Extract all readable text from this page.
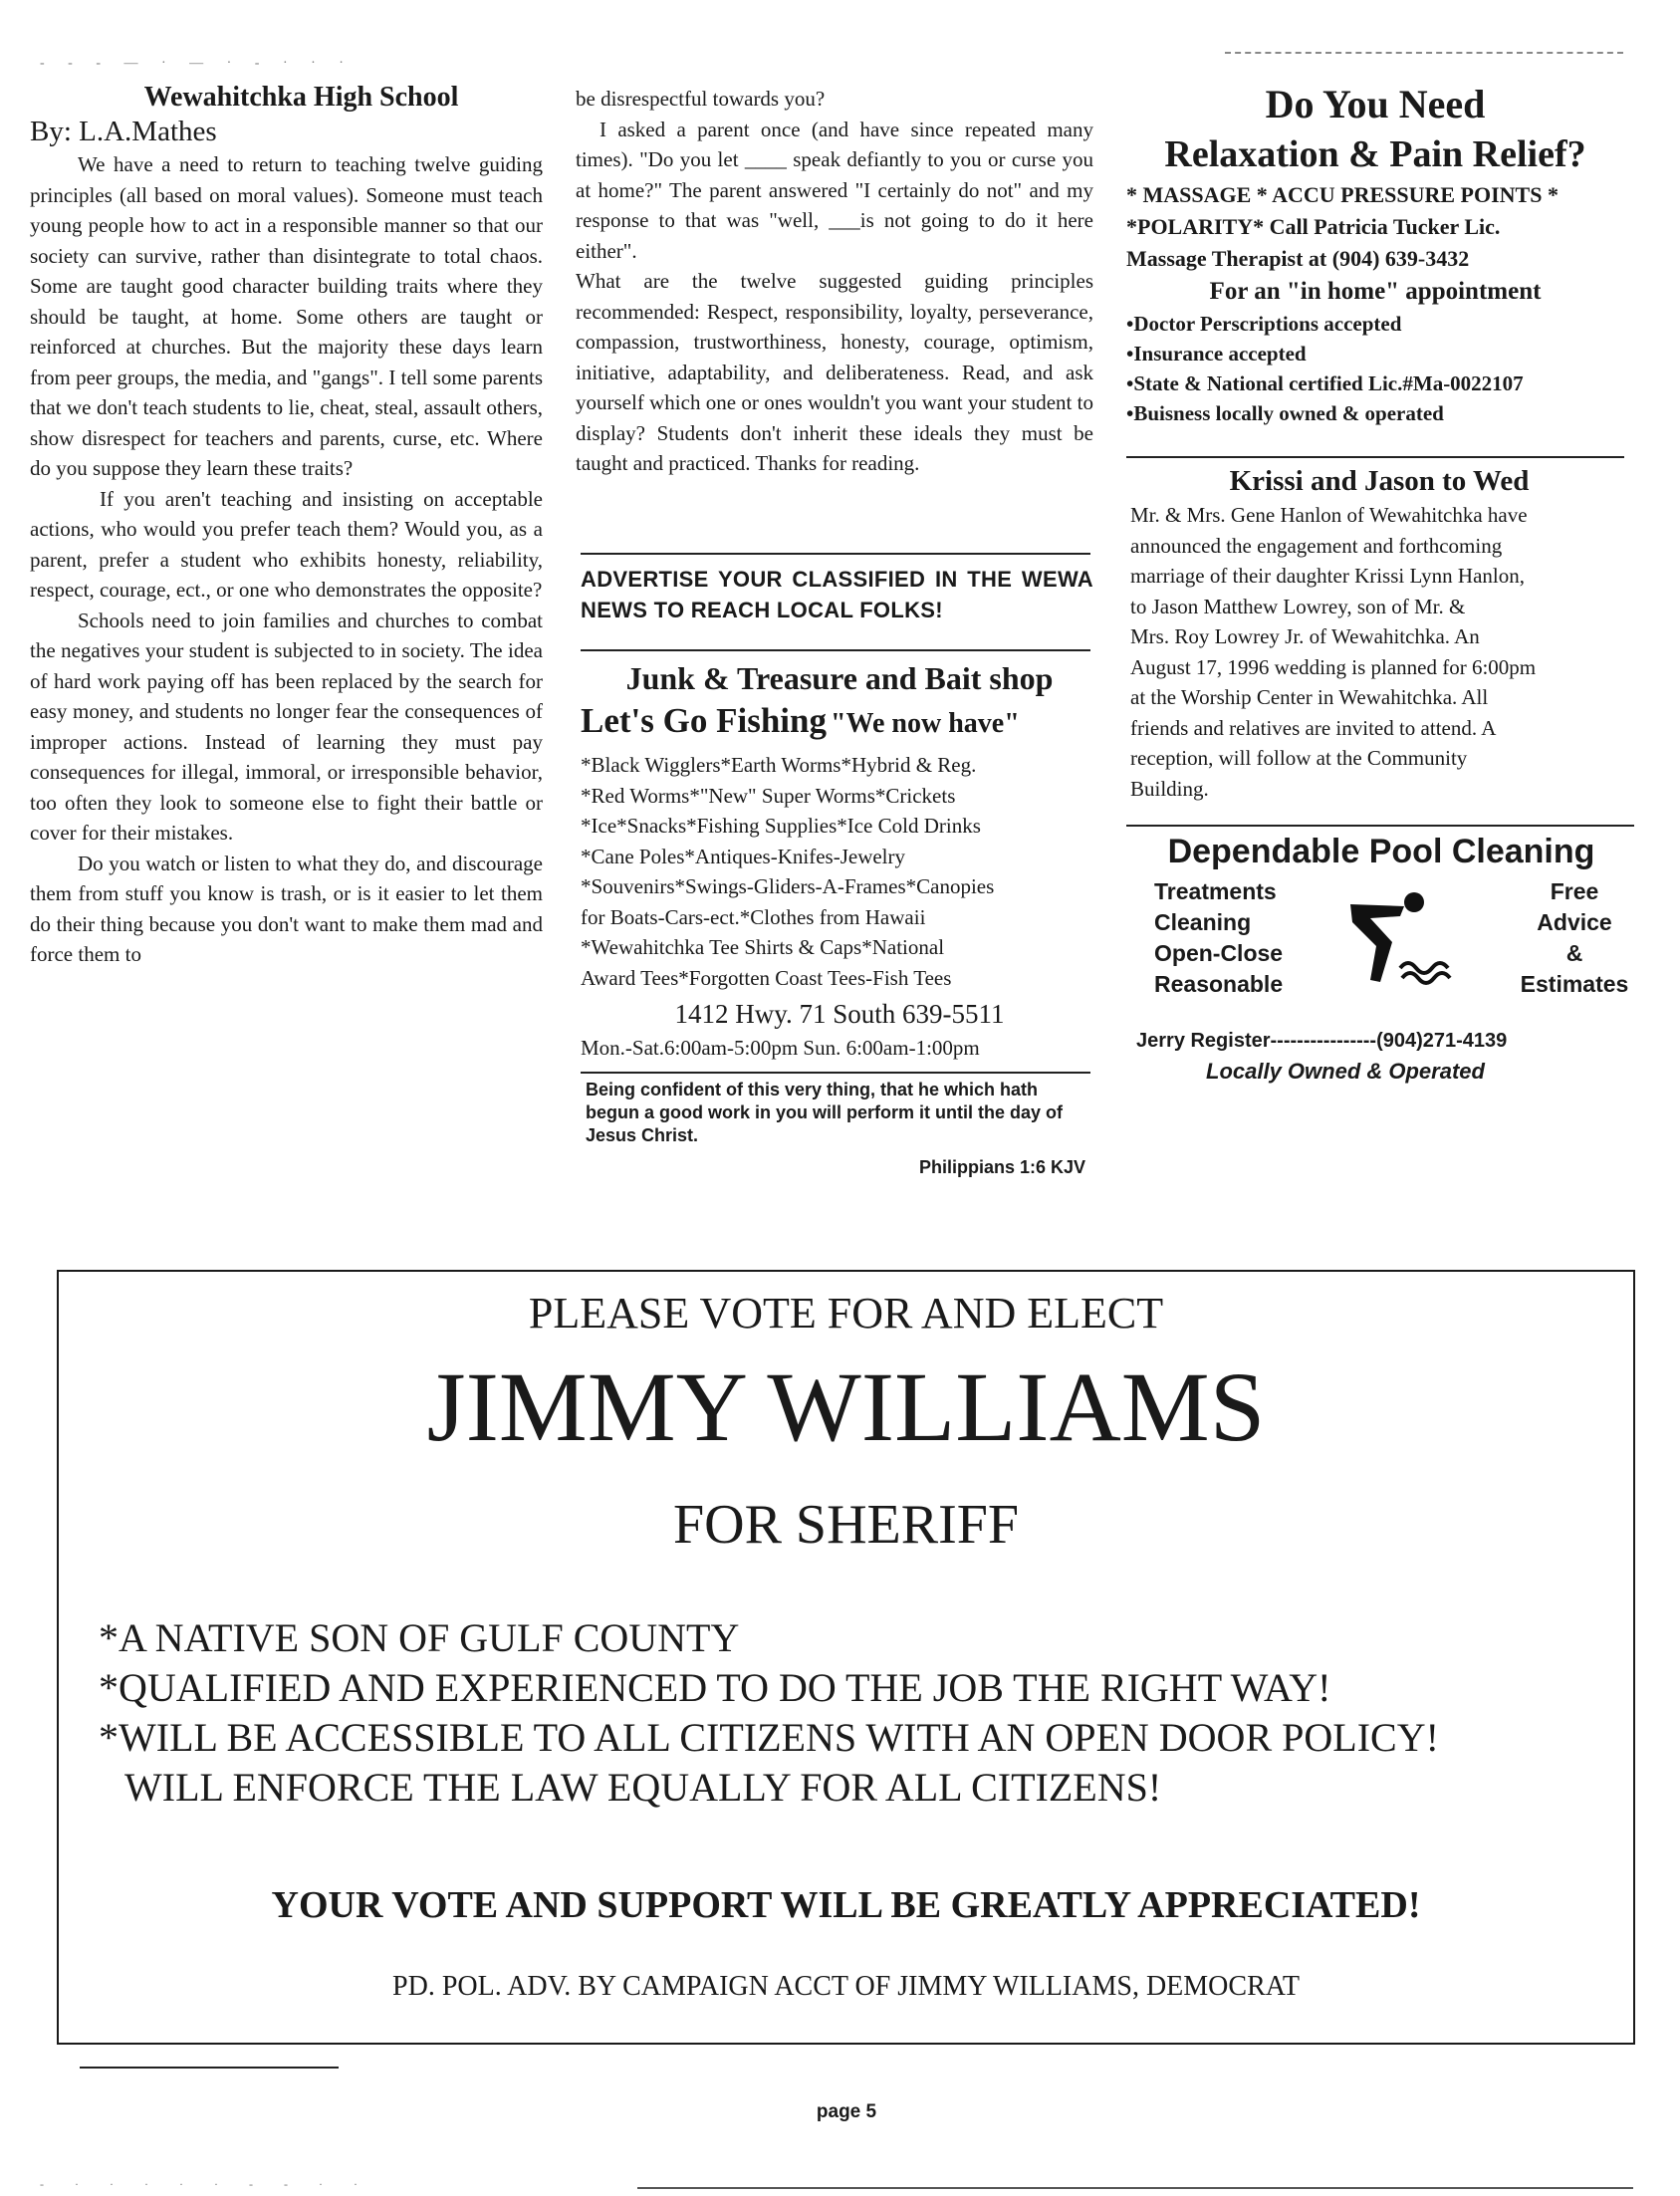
- - - — · — · - · · ·
Wewahitchka High School
By: L.A.Mathes

We have a need to return to teaching twelve guiding principles (all based on moral values). Someone must teach young people how to act in a responsible manner so that our society can survive, rather than disintegrate to total chaos. Some are taught good character building traits where they should be taught, at home. Some others are taught or reinforced at churches. But the majority these days learn from peer groups, the media, and "gangs". I tell some parents that we don't teach students to lie, cheat, steal, assault others, show disrespect for teachers and parents, curse, etc. Where do you suppose they learn these traits?

If you aren't teaching and insisting on acceptable actions, who would you prefer teach them? Would you, as a parent, prefer a student who exhibits honesty, reliability, respect, courage, ect., or one who demonstrates the opposite?

Schools need to join families and churches to combat the negatives your student is subjected to in society. The idea of hard work paying off has been replaced by the search for easy money, and students no longer fear the consequences of improper actions. Instead of learning they must pay consequences for illegal, immoral, or irresponsible behavior, too often they look to someone else to fight their battle or cover for their mistakes.

Do you watch or listen to what they do, and discourage them from stuff you know is trash, or is it easier to let them do their thing because you don't want to make them mad and force them to

be disrespectful towards you?

I asked a parent once (and have since repeated many times). "Do you let ____ speak defiantly to you or curse you at home?" The parent answered "I certainly do not" and my response to that was "well, ___is not going to do it here either".

What are the twelve suggested guiding principles recommended: Respect, responsibility, loyalty, perseverance, compassion, trustworthiness, honesty, courage, optimism, initiative, adaptability, and deliberateness. Read, and ask yourself which one or ones wouldn't you want your student to display? Students don't inherit these ideals they must be taught and practiced. Thanks for reading.

ADVERTISE YOUR CLASSIFIED IN THE WEWA NEWS TO REACH LOCAL FOLKS!
Junk & Treasure and Bait shop
Let's Go Fishing "We now have"
*Black Wigglers*Earth Worms*Hybrid & Reg.
*Red Worms*"New" Super Worms*Crickets
*Ice*Snacks*Fishing Supplies*Ice Cold Drinks
*Cane Poles*Antiques-Knifes-Jewelry
*Souvenirs*Swings-Gliders-A-Frames*Canopies
for Boats-Cars-ect.*Clothes from Hawaii
*Wewahitchka Tee Shirts & Caps*National
Award Tees*Forgotten Coast Tees-Fish Tees
1412 Hwy. 71 South 639-5511
Mon.-Sat.6:00am-5:00pm Sun. 6:00am-1:00pm
Being confident of this very thing, that he which hath begun a good work in you will perform it until the day of Jesus Christ.
Philippians 1:6 KJV
Do You Need
Relaxation & Pain Relief?
* MASSAGE * ACCU PRESSURE POINTS *
*POLARITY* Call Patricia Tucker Lic.
Massage Therapist at (904) 639-3432
For an "in home" appointment
•Doctor Perscriptions accepted
•Insurance accepted
•State & National certified Lic.#Ma-0022107
•Buisness locally owned & operated
Krissi and Jason to Wed
Mr. & Mrs. Gene Hanlon of Wewahitchka have
announced the engagement and forthcoming
marriage of their daughter Krissi Lynn Hanlon,
to Jason Matthew Lowrey, son of Mr. &
Mrs. Roy Lowrey Jr. of Wewahitchka. An
August 17, 1996 wedding is planned for 6:00pm
at the Worship Center in Wewahitchka. All
friends and relatives are invited to attend. A
reception, will follow at the Community
Building.
Dependable Pool Cleaning
Treatments
Cleaning
Open-Close
Reasonable
Free
Advice
&
Estimates
Jerry Register----------------(904)271-4139
Locally Owned & Operated
PLEASE VOTE FOR AND ELECT
JIMMY WILLIAMS
FOR SHERIFF
*A NATIVE SON OF GULF COUNTY
*QUALIFIED AND EXPERIENCED TO DO THE JOB THE RIGHT WAY!
*WILL BE ACCESSIBLE TO ALL CITIZENS WITH AN OPEN DOOR POLICY!
WILL ENFORCE THE LAW EQUALLY FOR ALL CITIZENS!
YOUR VOTE AND SUPPORT WILL BE GREATLY APPRECIATED!
PD. POL. ADV. BY CAMPAIGN ACCT OF JIMMY WILLIAMS, DEMOCRAT
page 5
- · · · · · - - · ·
